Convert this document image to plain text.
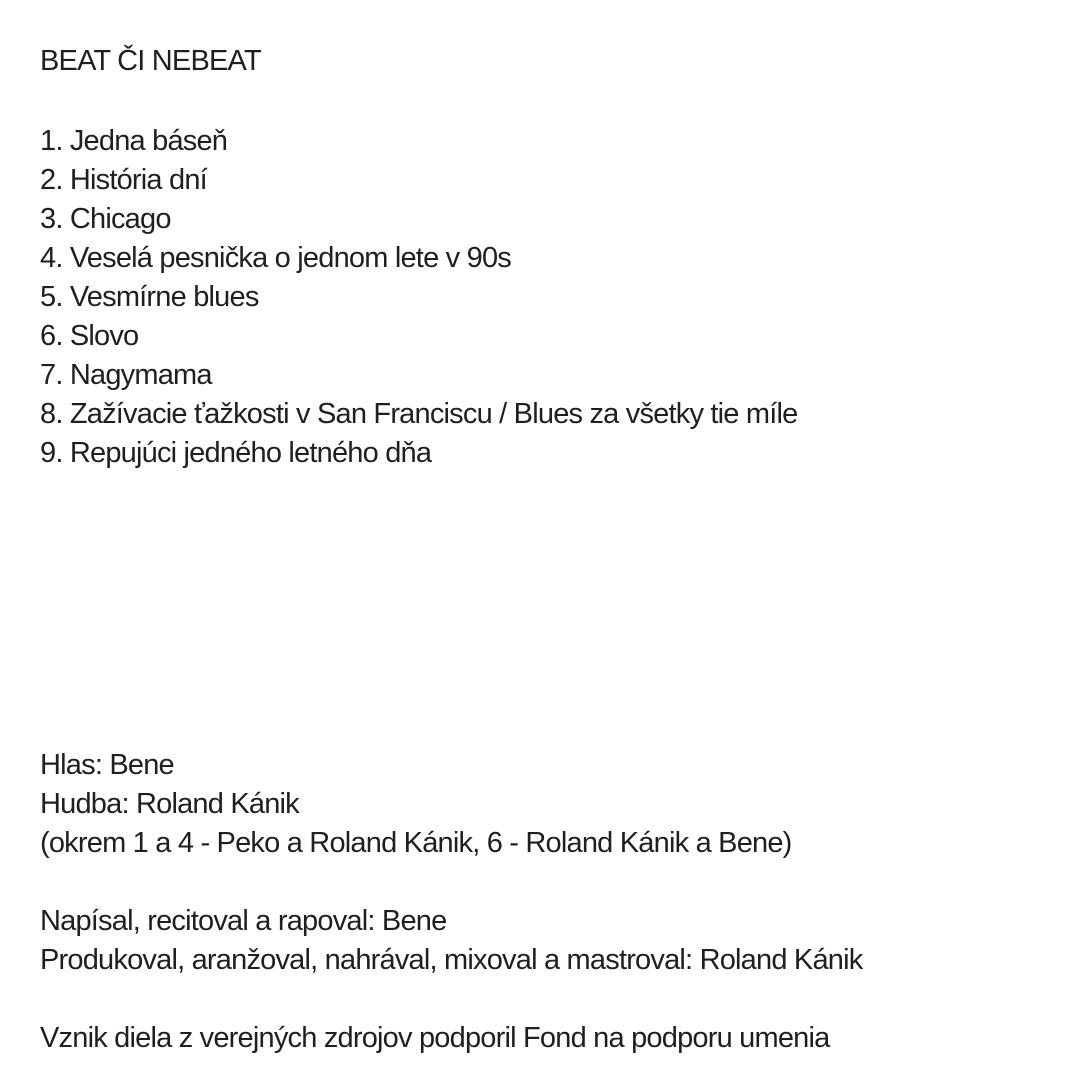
BEAT ČI NEBEAT
1. Jedna báseň
2. História dní
3. Chicago
4. Veselá pesnička o jednom lete v 90s
5. Vesmírne blues
6. Slovo
7. Nagymama
8. Zažívacie ťažkosti v San Franciscu / Blues za všetky tie míle
9. Repujúci jedného letného dňa

Hlas: Bene

Hudba: Roland Kánik

(okrem 1 a 4 - Peko a Roland Kánik, 6 - Roland Kánik a Bene)

Napísal, recitoval a rapoval: Bene

Produkoval, aranžoval, nahrával, mixoval a mastroval: Roland Kánik

Vznik diela z verejných zdrojov podporil Fond na podporu umenia
